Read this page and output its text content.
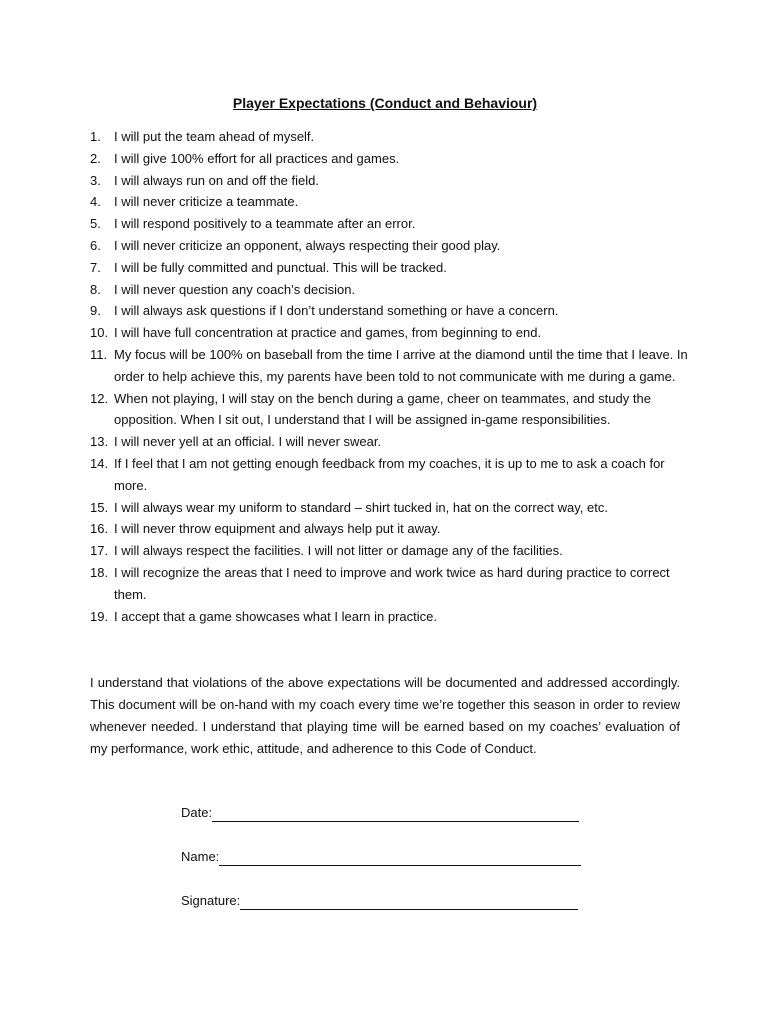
Player Expectations (Conduct and Behaviour)
1. I will put the team ahead of myself.
2. I will give 100% effort for all practices and games.
3. I will always run on and off the field.
4. I will never criticize a teammate.
5. I will respond positively to a teammate after an error.
6. I will never criticize an opponent, always respecting their good play.
7. I will be fully committed and punctual. This will be tracked.
8. I will never question any coach’s decision.
9. I will always ask questions if I don’t understand something or have a concern.
10. I will have full concentration at practice and games, from beginning to end.
11. My focus will be 100% on baseball from the time I arrive at the diamond until the time that I leave. In order to help achieve this, my parents have been told to not communicate with me during a game.
12. When not playing, I will stay on the bench during a game, cheer on teammates, and study the opposition. When I sit out, I understand that I will be assigned in-game responsibilities.
13. I will never yell at an official. I will never swear.
14. If I feel that I am not getting enough feedback from my coaches, it is up to me to ask a coach for more.
15. I will always wear my uniform to standard – shirt tucked in, hat on the correct way, etc.
16. I will never throw equipment and always help put it away.
17. I will always respect the facilities. I will not litter or damage any of the facilities.
18. I will recognize the areas that I need to improve and work twice as hard during practice to correct them.
19. I accept that a game showcases what I learn in practice.

I understand that violations of the above expectations will be documented and addressed accordingly. This document will be on-hand with my coach every time we’re together this season in order to review whenever needed. I understand that playing time will be earned based on my coaches’ evaluation of my performance, work ethic, attitude, and adherence to this Code of Conduct.

Date:
Name:
Signature:
